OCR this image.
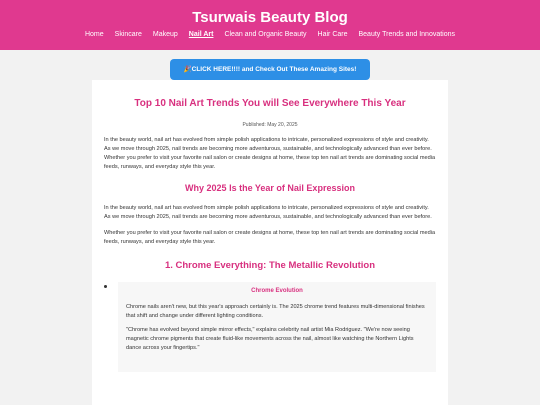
Tsurwais Beauty Blog
Home Skincare Makeup Nail Art Clean and Organic Beauty Hair Care Beauty Trends and Innovations
🎉CLICK HERE!!!! and Check Out These Amazing Sites!
Top 10 Nail Art Trends You will See Everywhere This Year
Published: May 20, 2025

In the beauty world, nail art has evolved from simple polish applications to intricate, personalized expressions of style and creativity. As we move through 2025, nail trends are becoming more adventurous, sustainable, and technologically advanced than ever before. Whether you prefer to visit your favorite nail salon or create designs at home, these top ten nail art trends are dominating social media feeds, runways, and everyday style this year.

Why 2025 Is the Year of Nail Expression

In the beauty world, nail art has evolved from simple polish applications to intricate, personalized expressions of style and creativity. As we move through 2025, nail trends are becoming more adventurous, sustainable, and technologically advanced than ever before.

Whether you prefer to visit your favorite nail salon or create designs at home, these top ten nail art trends are dominating social media feeds, runways, and everyday style this year.

1. Chrome Everything: The Metallic Revolution
Chrome Evolution

Chrome nails aren't new, but this year's approach certainly is. The 2025 chrome trend features multi-dimensional finishes that shift and change under different lighting conditions.

"Chrome has evolved beyond simple mirror effects," explains celebrity nail artist Mia Rodriguez. "We're now seeing magnetic chrome pigments that create fluid-like movements across the nail, almost like watching the Northern Lights dance across your fingertips."
